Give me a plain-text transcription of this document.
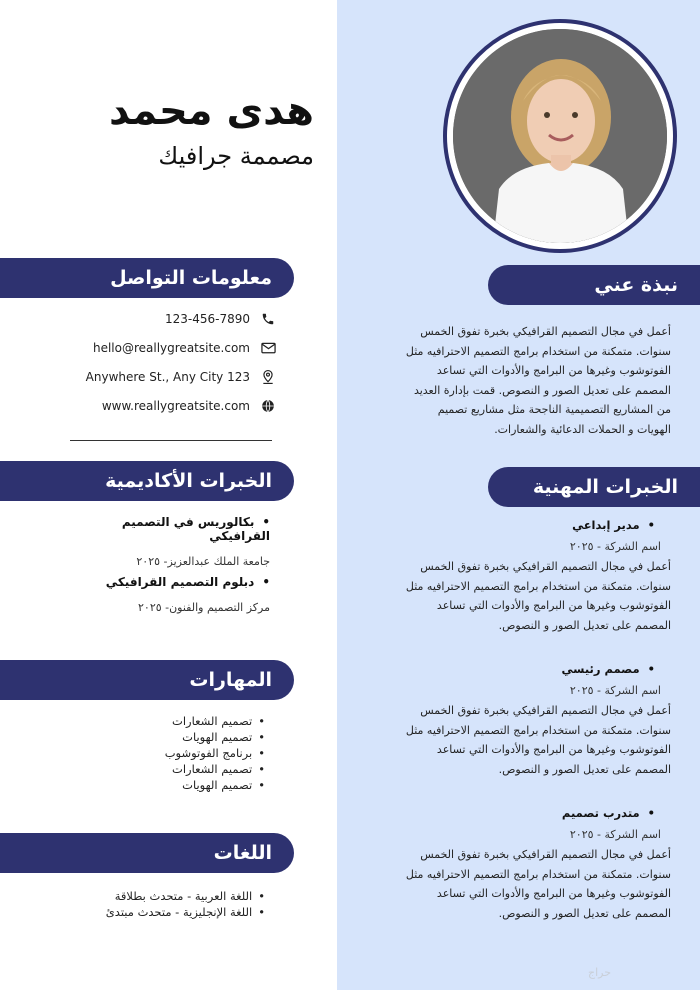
هدى محمد
مصممة جرافيك
نبذة عني
أعمل في مجال التصميم القرافيكي بخبرة تفوق الخمس سنوات. متمكنة من استخدام برامج التصميم الاحترافيه مثل الفوتوشوب وغيرها من البرامج والأدوات التي تساعد المصمم على تعديل الصور و النصوص. قمت بإدارة العديد من المشاريع التصميمية الناجحة مثل مشاريع تصميم الهويات و الحملات الدعائية والشعارات.
الخبرات المهنية
• مدير إبداعي
اسم الشركة - ٢٠٢٥
أعمل في مجال التصميم القرافيكي بخبرة تفوق الخمس سنوات. متمكنة من استخدام برامج التصميم الاحترافيه مثل الفوتوشوب وغيرها من البرامج والأدوات التي تساعد المصمم على تعديل الصور و النصوص.
• مصمم رئيسي
اسم الشركة - ٢٠٢٥
أعمل في مجال التصميم القرافيكي بخبرة تفوق الخمس سنوات. متمكنة من استخدام برامج التصميم الاحترافيه مثل الفوتوشوب وغيرها من البرامج والأدوات التي تساعد المصمم على تعديل الصور و النصوص.
• متدرب تصميم
اسم الشركة - ٢٠٢٥
أعمل في مجال التصميم القرافيكي بخبرة تفوق الخمس سنوات. متمكنة من استخدام برامج التصميم الاحترافيه مثل الفوتوشوب وغيرها من البرامج والأدوات التي تساعد المصمم على تعديل الصور و النصوص.
معلومات التواصل
123-456-7890
hello@reallygreatsite.com
Anywhere St., Any City 123
www.reallygreatsite.com
الخبرات الأكاديمية
• بكالوريس في التصميم القرافيكي
جامعة الملك عبدالعزيز- ٢٠٢٥
• دبلوم التصميم القرافيكي
مركز التصميم والفنون- ٢٠٢٥
المهارات
• تصميم الشعارات
• تصميم الهويات
• برنامج الفوتوشوب
• تصميم الشعارات
• تصميم الهويات
اللغات
• اللغة العربية - متحدث بطلاقة
• اللغة الإنجليزية - متحدث مبتدئ
حراج
